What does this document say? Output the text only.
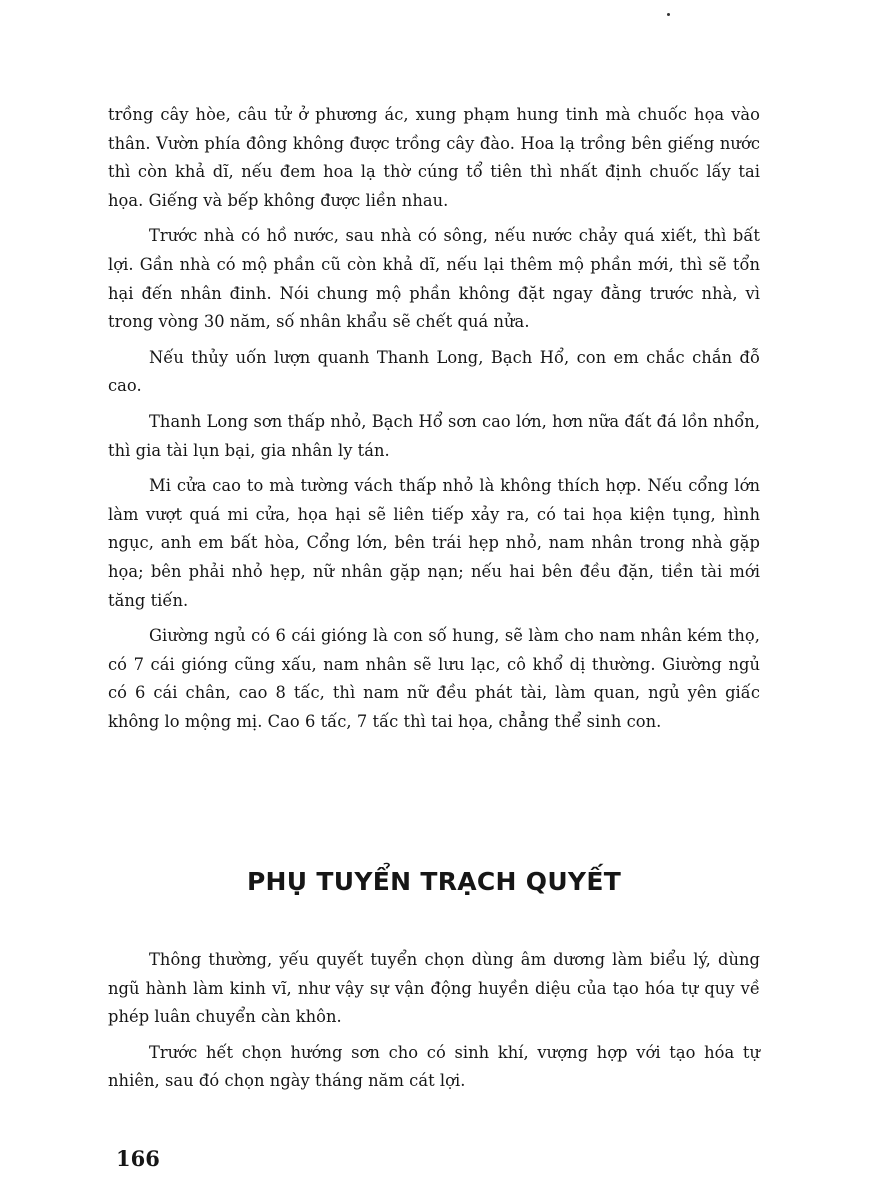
trồng cây hòe, câu tử ở phương ác, xung phạm hung tinh mà chuốc họa vào thân. Vườn phía đông không được trồng cây đào. Hoa lạ trồng bên giếng nước thì còn khả dĩ, nếu đem hoa lạ thờ cúng tổ tiên thì nhất định chuốc lấy tai họa. Giếng và bếp không được liền nhau.

Trước nhà có hồ nước, sau nhà có sông, nếu nước chảy quá xiết, thì bất lợi. Gần nhà có mộ phần cũ còn khả dĩ, nếu lại thêm mộ phần mới, thì sẽ tổn hại đến nhân đinh. Nói chung mộ phần không đặt ngay đằng trước nhà, vì trong vòng 30 năm, số nhân khẩu sẽ chết quá nửa.

Nếu thủy uốn lượn quanh Thanh Long, Bạch Hổ, con em chắc chắn đỗ cao.

Thanh Long sơn thấp nhỏ, Bạch Hổ sơn cao lớn, hơn nữa đất đá lồn nhổn, thì gia tài lụn bại, gia nhân ly tán.

Mi cửa cao to mà tường vách thấp nhỏ là không thích hợp. Nếu cổng lớn làm vượt quá mi cửa, họa hại sẽ liên tiếp xảy ra, có tai họa kiện tụng, hình ngục, anh em bất hòa, Cổng lớn, bên trái hẹp nhỏ, nam nhân trong nhà gặp họa; bên phải nhỏ hẹp, nữ nhân gặp nạn; nếu hai bên đều đặn, tiền tài mới tăng tiến.

Giường ngủ có 6 cái gióng là con số hung, sẽ làm cho nam nhân kém thọ, có 7 cái gióng cũng xấu, nam nhân sẽ lưu lạc, cô khổ dị thường. Giường ngủ có 6 cái chân, cao 8 tấc, thì nam nữ đều phát tài, làm quan, ngủ yên giấc không lo mộng mị. Cao 6 tấc, 7 tấc thì tai họa, chẳng thể sinh con.

PHỤ TUYỂN TRẠCH QUYẾT

Thông thường, yếu quyết tuyển chọn dùng âm dương làm biểu lý, dùng ngũ hành làm kinh vĩ, như vậy sự vận động huyền diệu của tạo hóa tự quy về phép luân chuyển càn khôn.

Trước hết chọn hướng sơn cho có sinh khí, vượng hợp với tạo hóa tự nhiên, sau đó chọn ngày tháng năm cát lợi.

166
